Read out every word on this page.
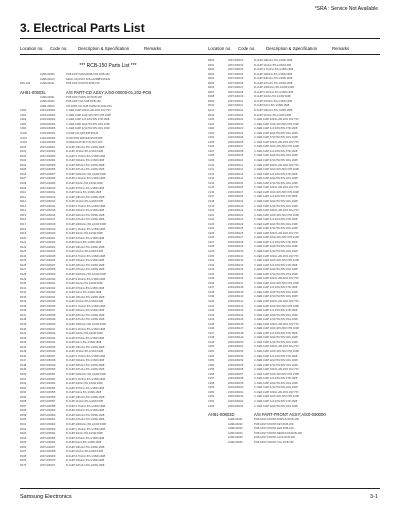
*SRA : Service Not Available
3. Electrical Parts List
Location no.	Code no.	Description & Specification	Remarks	Location no.	Code no.	Description & Specification	Remarks
*** RCB-150 Parts List ***
AH96-00000	PCB ASSY;MAIN(RCB-150),RCB-150
AH96-00010	DECK-CD;ASSY,SOH-AV48BS,ROHS
PAN 100	AH96-00011	PCB ASSY;FRONT,RCB-150
AH81-00803L	A/S PART-CD ASSY;A/S0-00000-01,202-PCB
AH96-00021	PCB ASSY;MAIN-CD,RCB-150
AH96-00022	PCB ASSY;CD-SUB,RCB-150
AH61-00816	A/S PART-CD SUB;TAPE/CD,SOH-P03
C000	2203-000001	C-CER,CHIP;100nF,+80-20%,16V,Y5V
C001	2203-000002	C-CER,CHIP;10nF,10%,50V,X7R,1608
C002	2203-000003	C-CER,CHIP;1nF,10%,50V,X7R,1608
C003	2203-000004	C-CER,CHIP;22pF,5%,50V,C0G,1608
C004	2203-000005	C-CER,CHIP;47pF,5%,50V,C0G,1608
IC100	1203-000001	IC-DSP;CD,QFP,64P,ROHS
IC101	1203-000002	IC-MOTOR DRIVER;SSOP,28P
IC102	1203-000003	IC-REGULATOR;3.3V,SOT-223
R100	2007-000001	R-CHIP;10Kohm,5%,1/16W,1608
R101	2007-000002	R-CHIP;1Kohm,5%,1/16W,1608
R102	2007-000003	R-CHIP;4.7Kohm,5%,1/16W,1608
R103	2007-000004	R-CHIP;100ohm,5%,1/16W,1608
R104	2007-000005	R-CHIP;22Kohm,5%,1/16W,1608
R105	2007-000006	R-CHIP;47Kohm,5%,1/16W,1608
R106	2007-000007	R-CHIP;100Kohm,5%,1/16W,1608
R107	2007-000008	R-CHIP;2.2Kohm,5%,1/16W,1608
R108	2007-000009	R-CHIP;33ohm,5%,1/16W,1608
R109	2007-000010	R-CHIP;470ohm,5%,1/16W,1608
R110	2007-000011	R-CHIP;0ohm,5%,1/16W,1608
R111	2007-000012	R-CHIP;10Kohm,5%,1/16W,1608
R112	2007-000013	R-CHIP;1Kohm,5%,1/16W,1608
R113	2007-000014	R-CHIP;4.7Kohm,5%,1/16W,1608
R114	2007-000015	R-CHIP;100ohm,5%,1/16W,1608
R115	2007-000016	R-CHIP;22Kohm,5%,1/16W,1608
R116	2007-000017	R-CHIP;47Kohm,5%,1/16W,1608
R117	2007-000018	R-CHIP;100Kohm,5%,1/16W,1608
R118	2007-000019	R-CHIP;2.2Kohm,5%,1/16W,1608
R119	2007-000020	R-CHIP;33ohm,5%,1/16W,1608
R120	2007-000021	R-CHIP;470ohm,5%,1/16W,1608
R121	2007-000022	R-CHIP;0ohm,5%,1/16W,1608
R122	2007-000023	R-CHIP;10Kohm,5%,1/16W,1608
R123	2007-000024	R-CHIP;1Kohm,5%,1/16W,1608
R124	2007-000025	R-CHIP;4.7Kohm,5%,1/16W,1608
R125	2007-000026	R-CHIP;100ohm,5%,1/16W,1608
R126	2007-000027	R-CHIP;22Kohm,5%,1/16W,1608
R127	2007-000028	R-CHIP;47Kohm,5%,1/16W,1608
R128	2007-000029	R-CHIP;100Kohm,5%,1/16W,1608
R129	2007-000030	R-CHIP;2.2Kohm,5%,1/16W,1608
R130	2007-000031	R-CHIP;33ohm,5%,1/16W,1608
R131	2007-000032	R-CHIP;470ohm,5%,1/16W,1608
R132	2007-000033	R-CHIP;0ohm,5%,1/16W,1608
R133	2007-000034	R-CHIP;10Kohm,5%,1/16W,1608
R134	2007-000035	R-CHIP;1Kohm,5%,1/16W,1608
R135	2007-000036	R-CHIP;4.7Kohm,5%,1/16W,1608
R136	2007-000037	R-CHIP;100ohm,5%,1/16W,1608
R137	2007-000038	R-CHIP;22Kohm,5%,1/16W,1608
R138	2007-000039	R-CHIP;47Kohm,5%,1/16W,1608
R139	2007-000040	R-CHIP;100Kohm,5%,1/16W,1608
R140	2007-000041	R-CHIP;2.2Kohm,5%,1/16W,1608
R141	2007-000042	R-CHIP;33ohm,5%,1/16W,1608
R142	2007-000043	R-CHIP;470ohm,5%,1/16W,1608
R143	2007-000044	R-CHIP;0ohm,5%,1/16W,1608
R144	2007-000045	R-CHIP;10Kohm,5%,1/16W,1608
R145	2007-000046	R-CHIP;1Kohm,5%,1/16W,1608
R146	2007-000047	R-CHIP;4.7Kohm,5%,1/16W,1608
R147	2007-000048	R-CHIP;100ohm,5%,1/16W,1608
R148	2007-000049	R-CHIP;22Kohm,5%,1/16W,1608
R149	2007-000050	R-CHIP;47Kohm,5%,1/16W,1608
R150	2007-000051	R-CHIP;100Kohm,5%,1/16W,1608
R151	2007-000052	R-CHIP;2.2Kohm,5%,1/16W,1608
R152	2007-000053	R-CHIP;33ohm,5%,1/16W,1608
R153	2007-000054	R-CHIP;470ohm,5%,1/16W,1608
R154	2007-000055	R-CHIP;0ohm,5%,1/16W,1608
R155	2007-000056	R-CHIP;10Kohm,5%,1/16W,1608
R156	2007-000057	R-CHIP;1Kohm,5%,1/16W,1608
R157	2007-000058	R-CHIP;4.7Kohm,5%,1/16W,1608
R158	2007-000059	R-CHIP;100ohm,5%,1/16W,1608
R159	2007-000060	R-CHIP;22Kohm,5%,1/16W,1608
R160	2007-000061	R-CHIP;47Kohm,5%,1/16W,1608
R161	2007-000062	R-CHIP;100Kohm,5%,1/16W,1608
R162	2007-000063	R-CHIP;2.2Kohm,5%,1/16W,1608
R163	2007-000064	R-CHIP;33ohm,5%,1/16W,1608
R164	2007-000065	R-CHIP;470ohm,5%,1/16W,1608
R165	2007-000066	R-CHIP;0ohm,5%,1/16W,1608
R166	2007-000067	R-CHIP;10Kohm,5%,1/16W,1608
R167	2007-000068	R-CHIP;1Kohm,5%,1/16W,1608
R168	2007-000069	R-CHIP;4.7Kohm,5%,1/16W,1608
R169	2007-000070	R-CHIP;100ohm,5%,1/16W,1608
R170	2007-000071	R-CHIP;22Kohm,5%,1/16W,1608
R200	2007-000101	R-CHIP;10Kohm,5%,1/16W,1608
R201	2007-000102	R-CHIP;1Kohm,5%,1/16W,1608
R202	2007-000103	R-CHIP;4.7Kohm,5%,1/16W,1608
R203	2007-000104	R-CHIP;100ohm,5%,1/16W,1608
R204	2007-000105	R-CHIP;22Kohm,5%,1/16W,1608
R205	2007-000106	R-CHIP;47Kohm,5%,1/16W,1608
R206	2007-000107	R-CHIP;100Kohm,5%,1/16W,1608
R207	2007-000108	R-CHIP;2.2Kohm,5%,1/16W,1608
R208	2007-000109	R-CHIP;33ohm,5%,1/16W,1608
R209	2007-000110	R-CHIP;470ohm,5%,1/16W,1608
R210	2007-000111	R-CHIP;0ohm,5%,1/16W,1608
R211	2007-000112	R-CHIP;10Kohm,5%,1/16W,1608
R212	2007-000113	R-CHIP;1Kohm,5%,1/16W,1608
C200	2203-000101	C-CER,CHIP;100nF,+80-20%,16V,Y5V
C201	2203-000102	C-CER,CHIP;10nF,10%,50V,X7R,1608
C202	2203-000103	C-CER,CHIP;1nF,10%,50V,X7R,1608
C203	2203-000104	C-CER,CHIP;22pF,5%,50V,C0G,1608
C204	2203-000105	C-CER,CHIP;47pF,5%,50V,C0G,1608
C205	2203-000106	C-CER,CHIP;100nF,+80-20%,16V,Y5V
C206	2203-000107	C-CER,CHIP;10nF,10%,50V,X7R,1608
C207	2203-000108	C-CER,CHIP;1nF,10%,50V,X7R,1608
C208	2203-000109	C-CER,CHIP;22pF,5%,50V,C0G,1608
C209	2203-000110	C-CER,CHIP;47pF,5%,50V,C0G,1608
C210	2203-000111	C-CER,CHIP;100nF,+80-20%,16V,Y5V
C211	2203-000112	C-CER,CHIP;10nF,10%,50V,X7R,1608
C212	2203-000113	C-CER,CHIP;1nF,10%,50V,X7R,1608
C213	2203-000114	C-CER,CHIP;22pF,5%,50V,C0G,1608
C214	2203-000115	C-CER,CHIP;47pF,5%,50V,C0G,1608
C215	2203-000116	C-CER,CHIP;100nF,+80-20%,16V,Y5V
C216	2203-000117	C-CER,CHIP;10nF,10%,50V,X7R,1608
C217	2203-000118	C-CER,CHIP;1nF,10%,50V,X7R,1608
C218	2203-000119	C-CER,CHIP;22pF,5%,50V,C0G,1608
C219	2203-000120	C-CER,CHIP;47pF,5%,50V,C0G,1608
C220	2203-000121	C-CER,CHIP;100nF,+80-20%,16V,Y5V
C221	2203-000122	C-CER,CHIP;10nF,10%,50V,X7R,1608
C222	2203-000123	C-CER,CHIP;1nF,10%,50V,X7R,1608
C223	2203-000124	C-CER,CHIP;22pF,5%,50V,C0G,1608
C224	2203-000125	C-CER,CHIP;47pF,5%,50V,C0G,1608
C225	2203-000126	C-CER,CHIP;100nF,+80-20%,16V,Y5V
C226	2203-000127	C-CER,CHIP;10nF,10%,50V,X7R,1608
C227	2203-000128	C-CER,CHIP;1nF,10%,50V,X7R,1608
C228	2203-000129	C-CER,CHIP;22pF,5%,50V,C0G,1608
C229	2203-000130	C-CER,CHIP;47pF,5%,50V,C0G,1608
C230	2203-000131	C-CER,CHIP;100nF,+80-20%,16V,Y5V
C231	2203-000132	C-CER,CHIP;10nF,10%,50V,X7R,1608
C232	2203-000133	C-CER,CHIP;1nF,10%,50V,X7R,1608
C233	2203-000134	C-CER,CHIP;22pF,5%,50V,C0G,1608
C234	2203-000135	C-CER,CHIP;47pF,5%,50V,C0G,1608
C235	2203-000136	C-CER,CHIP;100nF,+80-20%,16V,Y5V
C236	2203-000137	C-CER,CHIP;10nF,10%,50V,X7R,1608
C237	2203-000138	C-CER,CHIP;1nF,10%,50V,X7R,1608
C238	2203-000139	C-CER,CHIP;22pF,5%,50V,C0G,1608
C239	2203-000140	C-CER,CHIP;47pF,5%,50V,C0G,1608
C240	2203-000141	C-CER,CHIP;100nF,+80-20%,16V,Y5V
C241	2203-000142	C-CER,CHIP;10nF,10%,50V,X7R,1608
C242	2203-000143	C-CER,CHIP;1nF,10%,50V,X7R,1608
C243	2203-000144	C-CER,CHIP;22pF,5%,50V,C0G,1608
C244	2203-000145	C-CER,CHIP;47pF,5%,50V,C0G,1608
C245	2203-000146	C-CER,CHIP;100nF,+80-20%,16V,Y5V
C246	2203-000147	C-CER,CHIP;10nF,10%,50V,X7R,1608
C247	2203-000148	C-CER,CHIP;1nF,10%,50V,X7R,1608
C248	2203-000149	C-CER,CHIP;22pF,5%,50V,C0G,1608
C249	2203-000150	C-CER,CHIP;47pF,5%,50V,C0G,1608
C250	2203-000151	C-CER,CHIP;100nF,+80-20%,16V,Y5V
C251	2203-000152	C-CER,CHIP;10nF,10%,50V,X7R,1608
C252	2203-000153	C-CER,CHIP;1nF,10%,50V,X7R,1608
C253	2203-000154	C-CER,CHIP;22pF,5%,50V,C0G,1608
C254	2203-000155	C-CER,CHIP;47pF,5%,50V,C0G,1608
C255	2203-000156	C-CER,CHIP;100nF,+80-20%,16V,Y5V
C256	2203-000157	C-CER,CHIP;10nF,10%,50V,X7R,1608
C257	2203-000158	C-CER,CHIP;1nF,10%,50V,X7R,1608
C258	2203-000159	C-CER,CHIP;22pF,5%,50V,C0G,1608
C259	2203-000160	C-CER,CHIP;47pF,5%,50V,C0G,1608
C260	2203-000161	C-CER,CHIP;100nF,+80-20%,16V,Y5V
C261	2203-000162	C-CER,CHIP;10nF,10%,50V,X7R,1608
C262	2203-000163	C-CER,CHIP;1nF,10%,50V,X7R,1608
C263	2203-000164	C-CER,CHIP;22pF,5%,50V,C0G,1608
AH81-00803D	A/S PART-FRONT ASSY;A/S0-000000
AH96-00031	PCB ASSY;FRONT-DISPLAY,RCB-150
AH96-00032	PCB ASSY;FRONT-KEY,RCB-150
AH96-00033	PCB ASSY;FRONT-LED,RCB-150
AH96-00034	PCB ASSY;FRONT-REMOCON,RCB-150
AH96-00035	PCB ASSY;FRONT-JACK,RCB-150
AH96-00036	PCB ASSY;FRONT-VOL,RCB-150
Samsung Electronics	3-1
